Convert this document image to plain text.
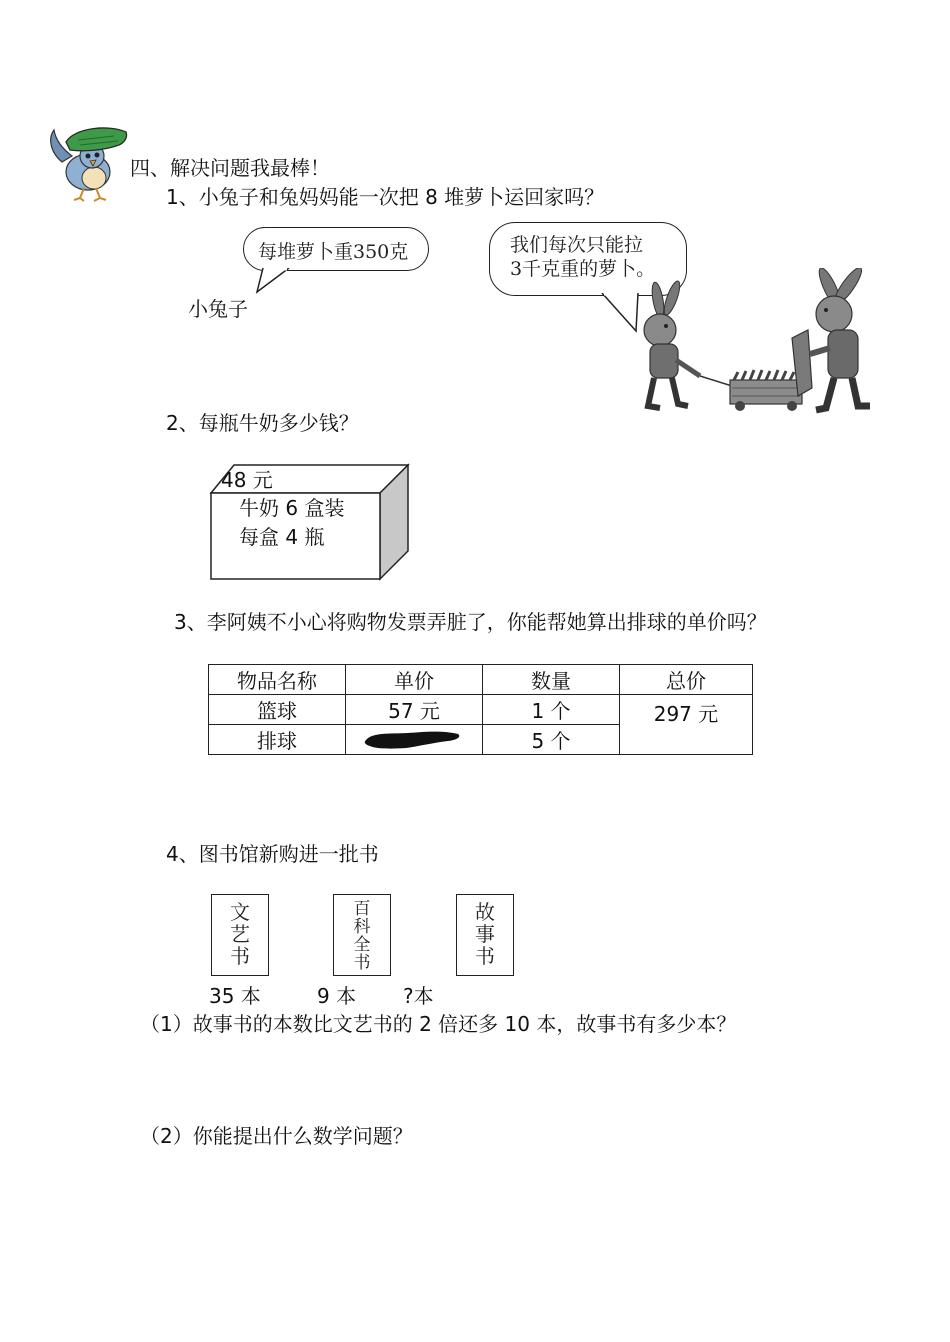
四、解决问题我最棒！
1、小兔子和兔妈妈能一次把 8 堆萝卜运回家吗？
每堆萝卜重350克
小兔子
我们每次只能拉
3千克重的萝卜。
2、每瓶牛奶多少钱？
48 元
牛奶 6 盒装
每盒 4 瓶
3、李阿姨不小心将购物发票弄脏了，你能帮她算出排球的单价吗？
物品名称	单价	数量	总价
篮球	57 元	1 个	297 元
排球		5 个	
4、图书馆新购进一批书
文艺书
百科全书
故事书
35 本	9 本 ?本
（1）故事书的本数比文艺书的 2 倍还多 10 本，故事书有多少本？
（2）你能提出什么数学问题？
